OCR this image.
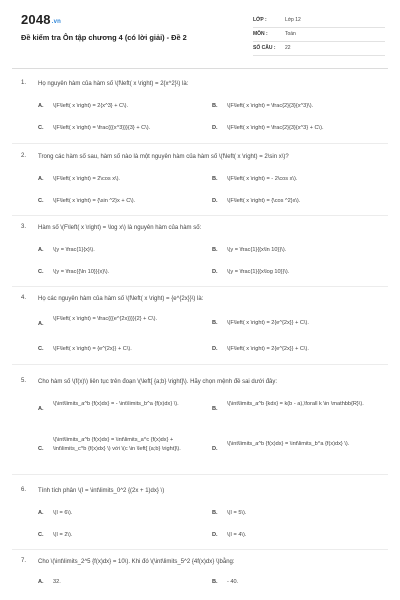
2048.vn
Đề kiểm tra Ôn tập chương 4 (có lời giải) - Đề 2
LỚP :	Lớp 12
MÔN :	Toán
SỐ CÂU : 22
1. Họ nguyên hàm của hàm số \(f\left( x \right) = 2{x^2}\) là:
A. \(F\left( x \right) = 2{x^3} + C\).	B. \(F\left( x \right) = \frac{2}{3}{x^3}\).
C. \(F\left( x \right) = \frac{{{x^3}}}{3} + C\).	D. \(F\left( x \right) = \frac{2}{3}{x^3} + C\).
2. Trong các hàm số sau, hàm số nào là một nguyên hàm của hàm số \(f\left( x \right) = 2\sin x\)?
A. \(F\left( x \right) = 2\cos x\).	B. \(F\left( x \right) = - 2\cos x\).
C. \(F\left( x \right) = {\sin ^2}x + C\).	D. \(F\left( x \right) = {\cos ^2}x\).
3. Hàm số \(F\left( x \right) = \log x\) là nguyên hàm của hàm số:
A. \(y = \frac{1}{x}\).	B. \(y = \frac{1}{{x\ln 10}}\).
C. \(y = \frac{{\ln 10}}{x}\).	D. \(y = \frac{1}{{x\log 10}}\).
4. Họ các nguyên hàm của hàm số \(f\left( x \right) = {e^{2x}}\) là:
A.
\(F\left( x \right) = \frac{{{e^{2x}}}}{2} + C\).
B. \(F\left( x \right) = 2{e^{2x}} + C\).
C. \(F\left( x \right) = {e^{2x}} + C\).	D. \(F\left( x \right) = 2{e^{2x}} + C\).
5. Cho hàm số \(f(x)\) liên tục trên đoạn \(\left[ {a;b} \right]\). Hãy chọn mệnh đề sai dưới đây:
A.
\(\int\limits_a^b {f(x)dx} = - \int\limits_b^a {f(x)dx} \).
B.
\(\int\limits_a^b {kdx} = k(b - a),\forall k \in \mathbb{R}\).
C.
\(\int\limits_a^b {f(x)dx} = \int\limits_a^c {f(x)dx} + \int\limits_c^b {f(x)dx} \) với \(c \in \left[ {a;b} \right]\).	D.
\(\int\limits_a^b {f(x)dx} = \int\limits_b^a {f(x)dx} \).
6. Tính tích phân \(I = \int\limits_0^2 {(2x + 1)dx} \)
A. \(I = 6\).	B. \(I = 5\).
C. \(I = 2\).	D. \(I = 4\).
7. Cho \(\int\limits_2^5 {f(x)dx} = 10\). Khi đó \(\int\limits_5^2 {4f(x)dx} \)bằng:
A. 32.	B. - 40.
